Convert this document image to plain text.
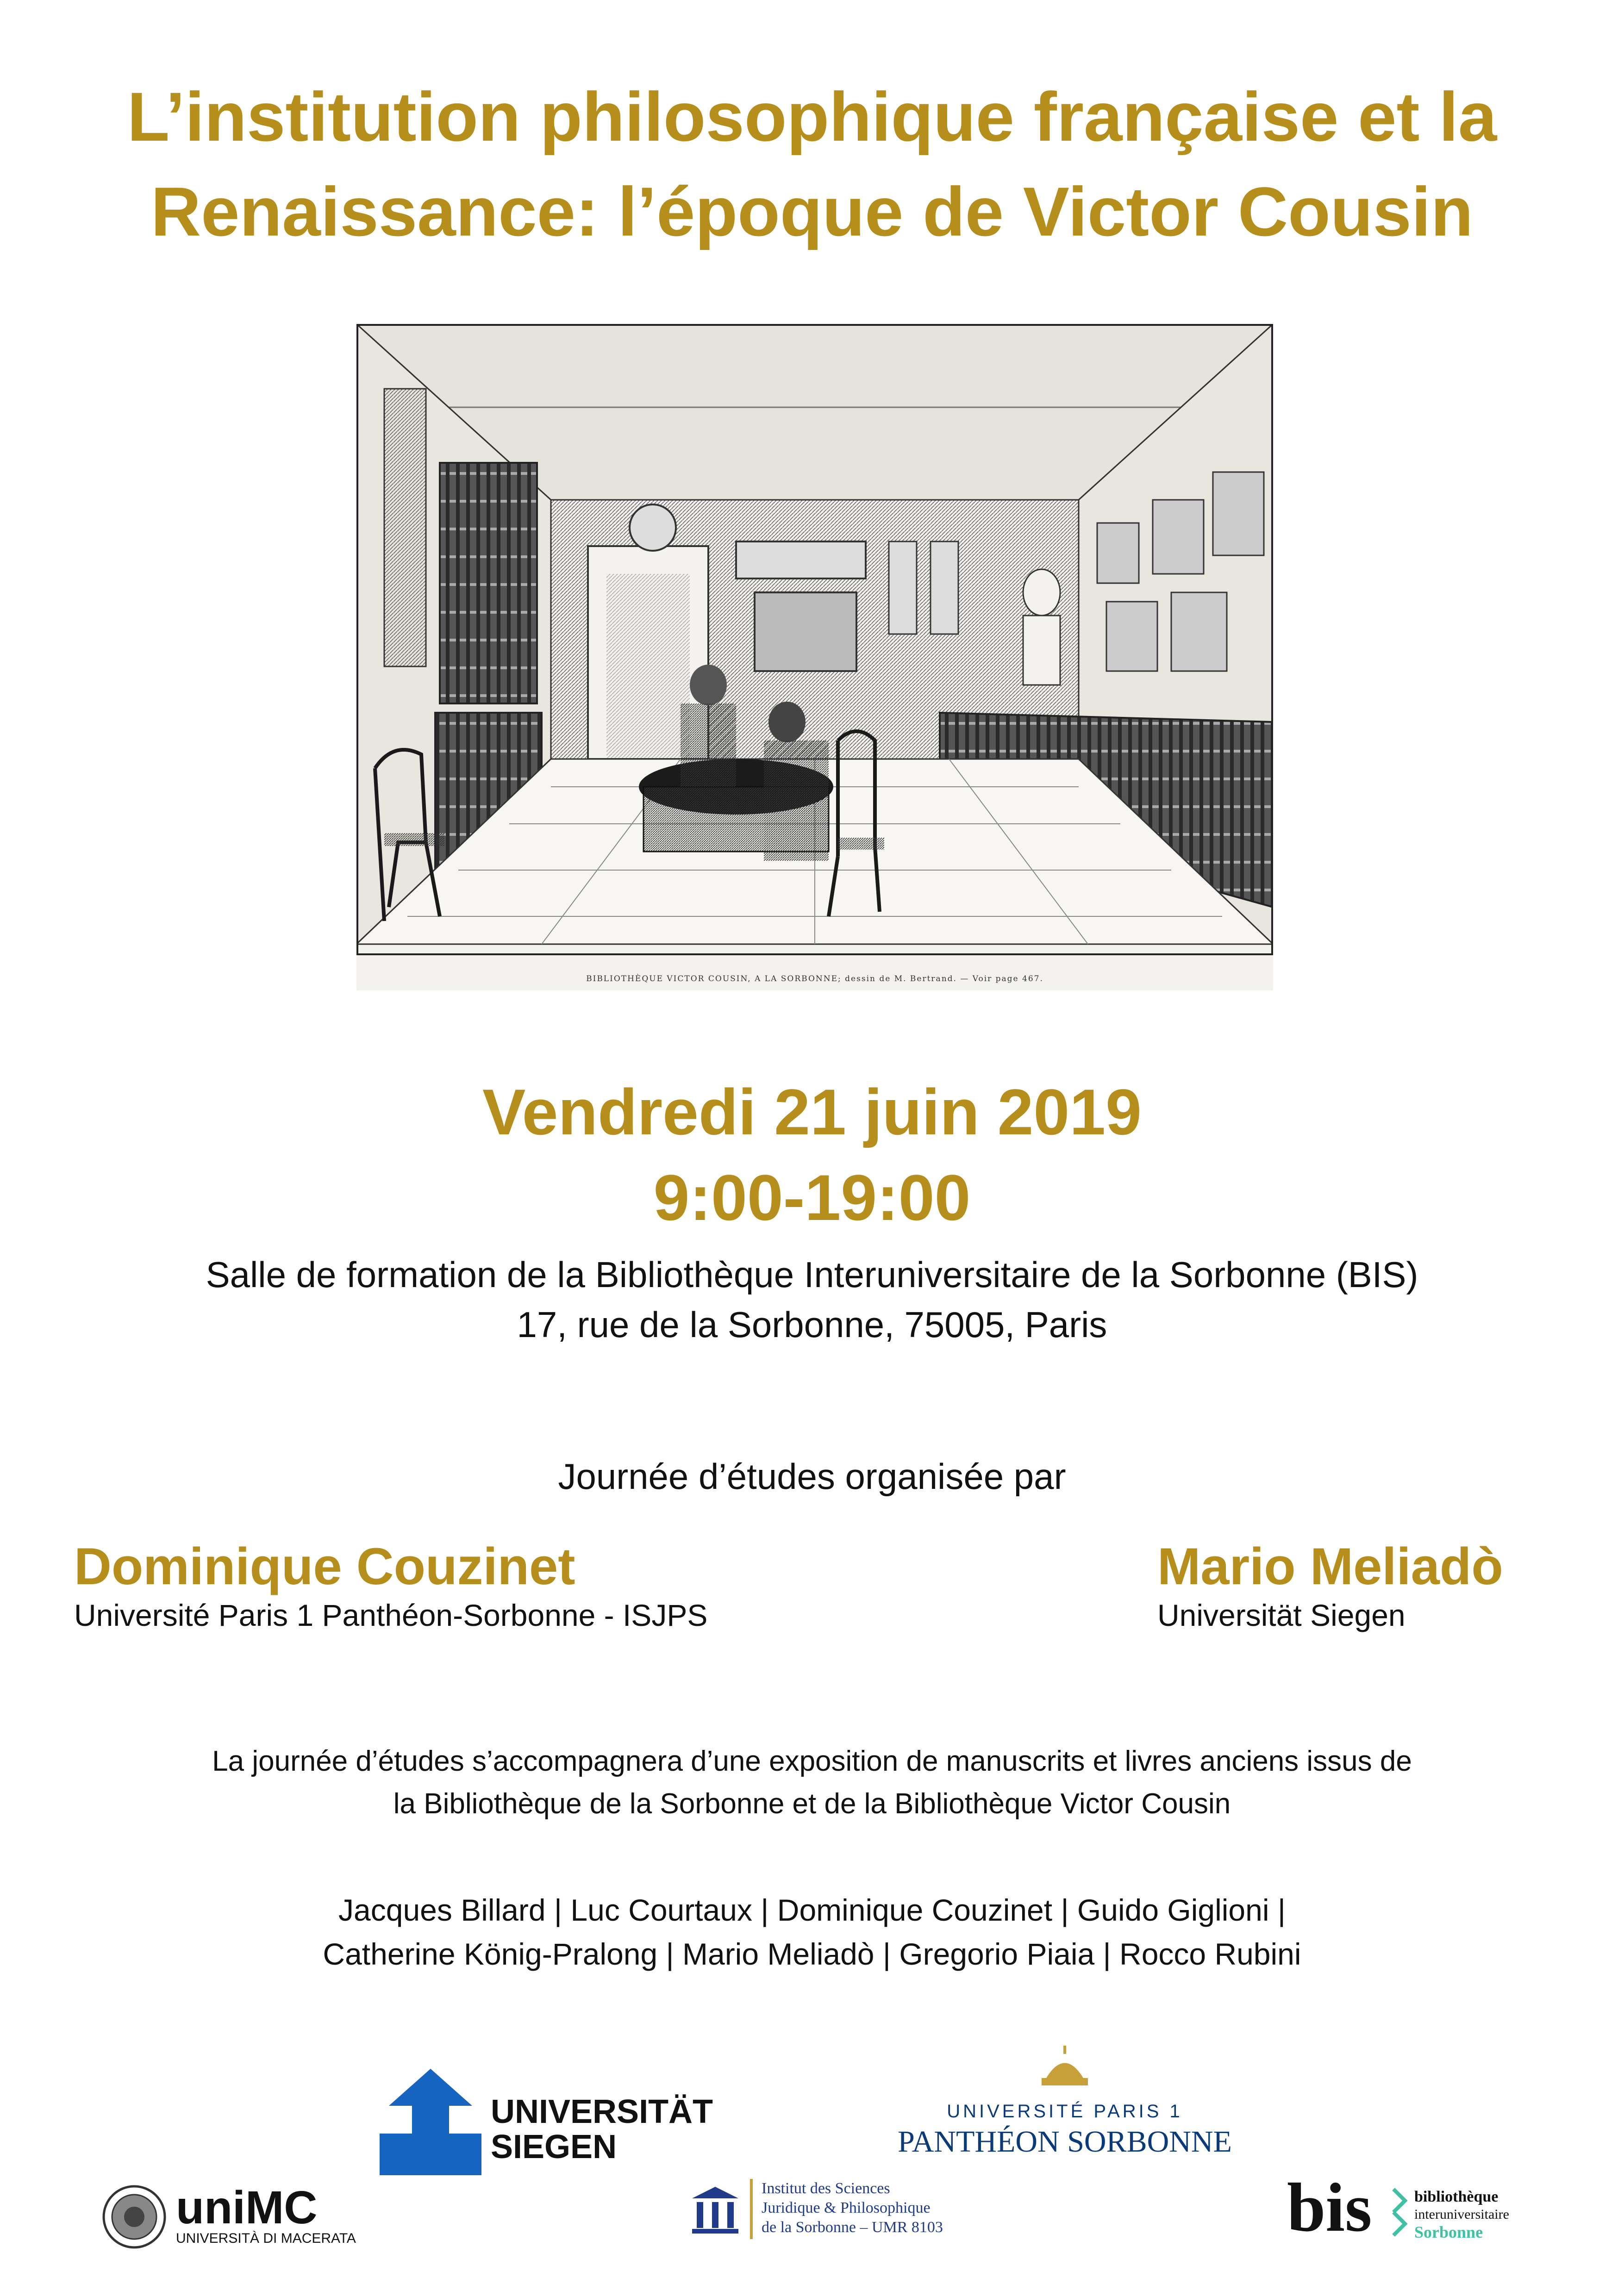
L’institution philosophique française et la
Renaissance: l’époque de Victor Cousin
BIBLIOTHÈQUE VICTOR COUSIN, A LA SORBONNE; dessin de M. Bertrand. — Voir page 467.
Vendredi 21 juin 2019
9:00-19:00
Salle de formation de la Bibliothèque Interuniversitaire de la Sorbonne (BIS)
17, rue de la Sorbonne, 75005, Paris
Journée d’études organisée par
Dominique Couzinet
Université Paris 1 Panthéon-Sorbonne - ISJPS
Mario Meliadò
Universität Siegen
La journée d’études s’accompagnera d’une exposition de manuscrits et livres anciens issus de
la Bibliothèque de la Sorbonne et de la Bibliothèque Victor Cousin
Jacques Billard | Luc Courtaux | Dominique Couzinet | Guido Giglioni |
Catherine König-Pralong | Mario Meliadò | Gregorio Piaia | Rocco Rubini
UNIVERSITÄT
SIEGEN
UNIVERSITÉ PARIS 1
PANTHÉON SORBONNE
uniMC
UNIVERSITÀ DI MACERATA
Institut des Sciences
Juridique & Philosophique
de la Sorbonne – UMR 8103	bis	bibliothèque
interuniversitaire
Sorbonne
